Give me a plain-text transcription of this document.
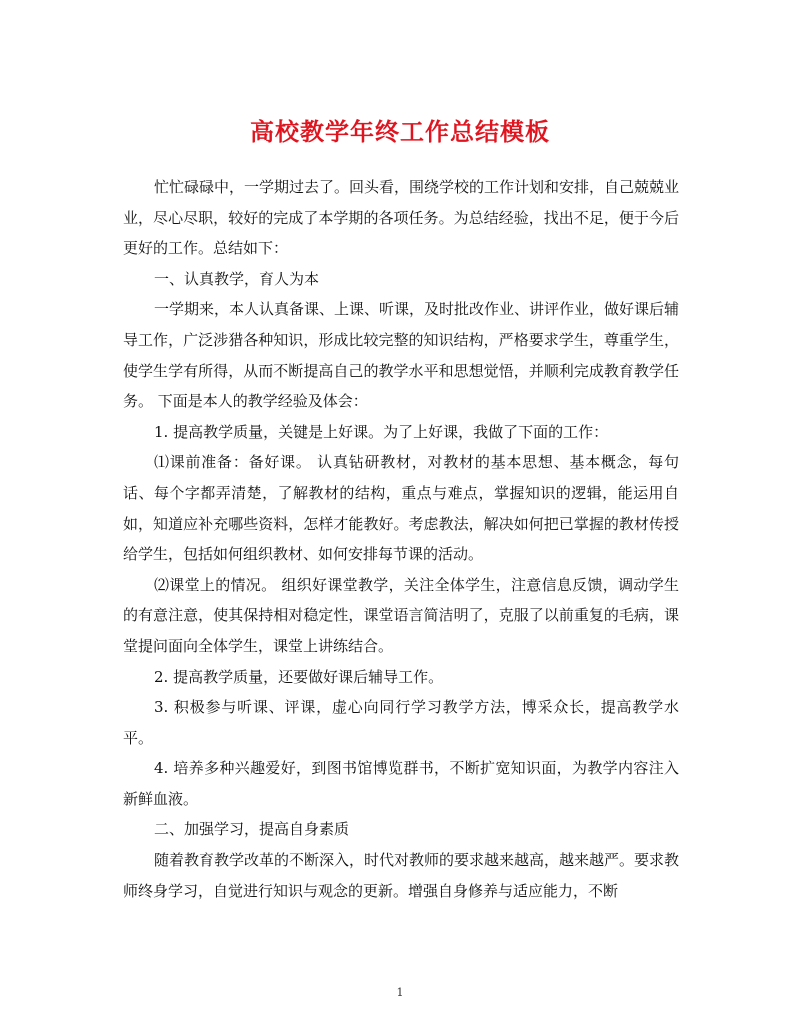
高校教学年终工作总结模板

忙忙碌碌中，一学期过去了。回头看，围绕学校的工作计划和安排，自己兢兢业业，尽心尽职，较好的完成了本学期的各项任务。为总结经验，找出不足，便于今后更好的工作。总结如下：

一、认真教学，育人为本

一学期来，本人认真备课、上课、听课，及时批改作业、讲评作业，做好课后辅导工作，广泛涉猎各种知识，形成比较完整的知识结构，严格要求学生，尊重学生，使学生学有所得，从而不断提高自己的教学水平和思想觉悟，并顺利完成教育教学任务。 下面是本人的教学经验及体会：

1. 提高教学质量，关键是上好课。为了上好课，我做了下面的工作：

⑴课前准备：备好课。 认真钻研教材，对教材的基本思想、基本概念，每句话、每个字都弄清楚，了解教材的结构，重点与难点，掌握知识的逻辑，能运用自如，知道应补充哪些资料，怎样才能教好。考虑教法，解决如何把已掌握的教材传授给学生，包括如何组织教材、如何安排每节课的活动。

⑵课堂上的情况。 组织好课堂教学，关注全体学生，注意信息反馈，调动学生的有意注意，使其保持相对稳定性，课堂语言简洁明了，克服了以前重复的毛病，课堂提问面向全体学生，课堂上讲练结合。

2. 提高教学质量，还要做好课后辅导工作。

3. 积极参与听课、评课，虚心向同行学习教学方法，博采众长，提高教学水平。

4. 培养多种兴趣爱好，到图书馆博览群书，不断扩宽知识面，为教学内容注入新鲜血液。

二、加强学习，提高自身素质

随着教育教学改革的不断深入，时代对教师的要求越来越高，越来越严。要求教师终身学习，自觉进行知识与观念的更新。增强自身修养与适应能力，不断

1
